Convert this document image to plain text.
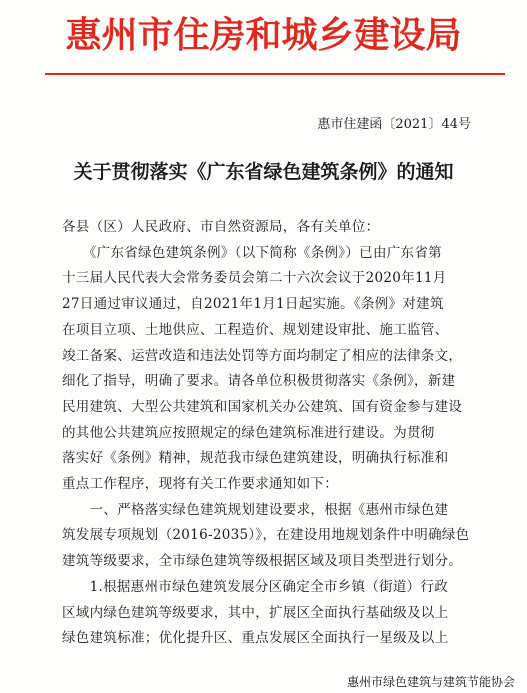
惠州市住房和城乡建设局
惠市住建函〔2021〕44号
关于贯彻落实《广东省绿色建筑条例》的通知

各县（区）人民政府、市自然资源局，各有关单位：

　　《广东省绿色建筑条例》（以下简称《条例》）已由广东省第

十三届人民代表大会常务委员会第二十六次会议于2020年11月

27日通过审议通过，自2021年1月1日起实施。《条例》对建筑

在项目立项、土地供应、工程造价、规划建设审批、施工监管、

竣工备案、运营改造和违法处罚等方面均制定了相应的法律条文，

细化了指导，明确了要求。请各单位积极贯彻落实《条例》，新建

民用建筑、大型公共建筑和国家机关办公建筑、国有资金参与建设

的其他公共建筑应按照规定的绿色建筑标准进行建设。为贯彻

落实好《条例》精神，规范我市绿色建筑建设，明确执行标准和

重点工作程序，现将有关工作要求通知如下：

　　一、严格落实绿色建筑规划建设要求，根据《惠州市绿色建

筑发展专项规划（2016-2035）》，在建设用地规划条件中明确绿色

建筑等级要求，全市绿色建筑等级根据区域及项目类型进行划分。

　　1.根据惠州市绿色建筑发展分区确定全市乡镇（街道）行政

区域内绿色建筑等级要求，其中，扩展区全面执行基础级及以上

绿色建筑标准；优化提升区、重点发展区全面执行一星级及以上

惠州市绿色建筑与建筑节能协会
